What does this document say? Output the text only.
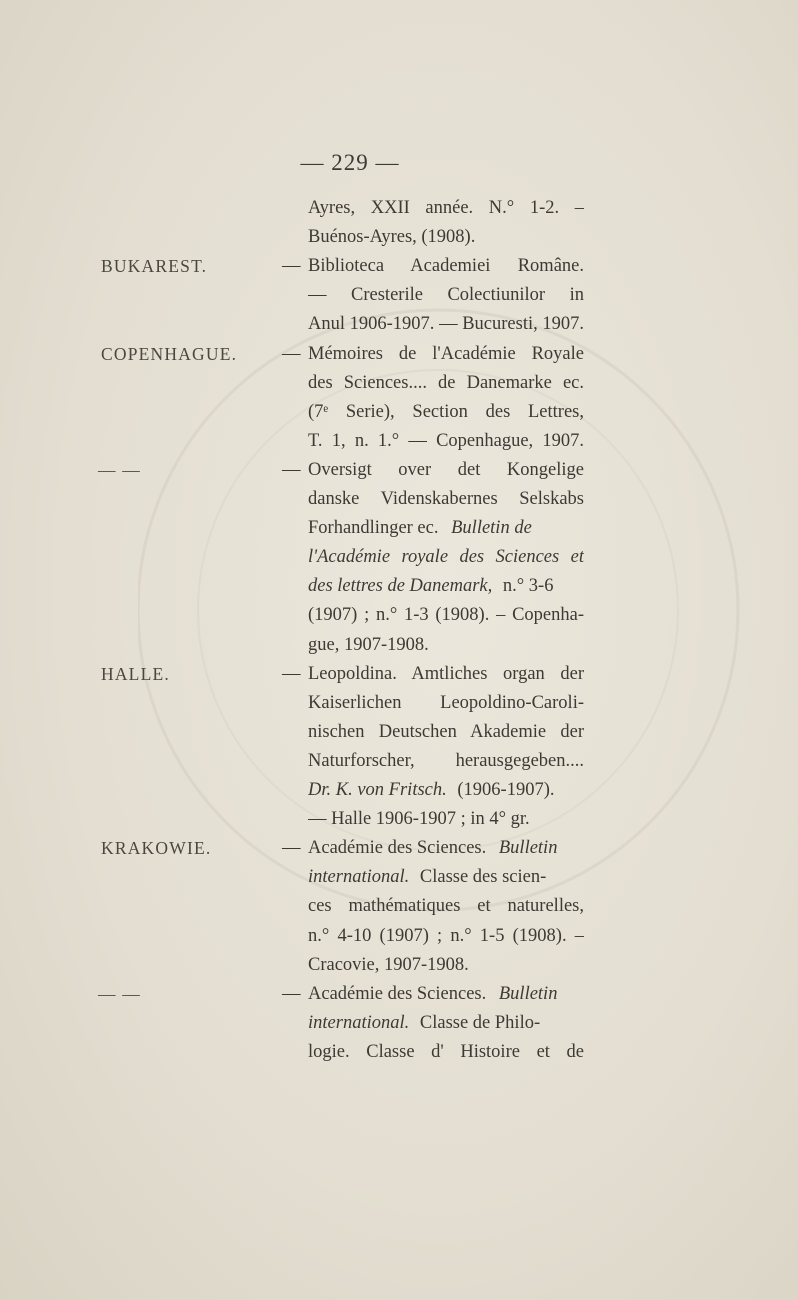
— 229 —
Ayres, XXII année. N.° 1-2. –
Buénos-Ayres, (1908).
BUKAREST.	— Biblioteca Academiei Române.
— Cresterile Colectiunilor in
Anul 1906-1907. — Bucuresti, 1907.
COPENHAGUE. — Mémoires de l'Académie Royale
des Sciences.... de Danemarke ec.
(7ᵉ Serie), Section des Lettres,
T. 1, n. 1.° — Copenhague, 1907.
— —	— Oversigt over det Kongelige
danske Videnskabernes Selskabs
Forhandlinger ec. Bulletin de
l'Académie royale des Sciences et
des lettres de Danemark, n.° 3-6
(1907) ; n.° 1-3 (1908). – Copenha-
gue, 1907-1908.
HALLE.	— Leopoldina. Amtliches organ der
Kaiserlichen Leopoldino-Caroli-
nischen Deutschen Akademie der
Naturforscher, herausgegeben....
Dr. K. von Fritsch. (1906-1907).
— Halle 1906-1907 ; in 4° gr.
KRAKOWIE.	— Académie des Sciences. Bulletin
international. Classe des scien-
ces mathématiques et naturelles,
n.° 4-10 (1907) ; n.° 1-5 (1908). –
Cracovie, 1907-1908.
— —	— Académie des Sciences. Bulletin
international. Classe de Philo-
logie. Classe d' Histoire et de
